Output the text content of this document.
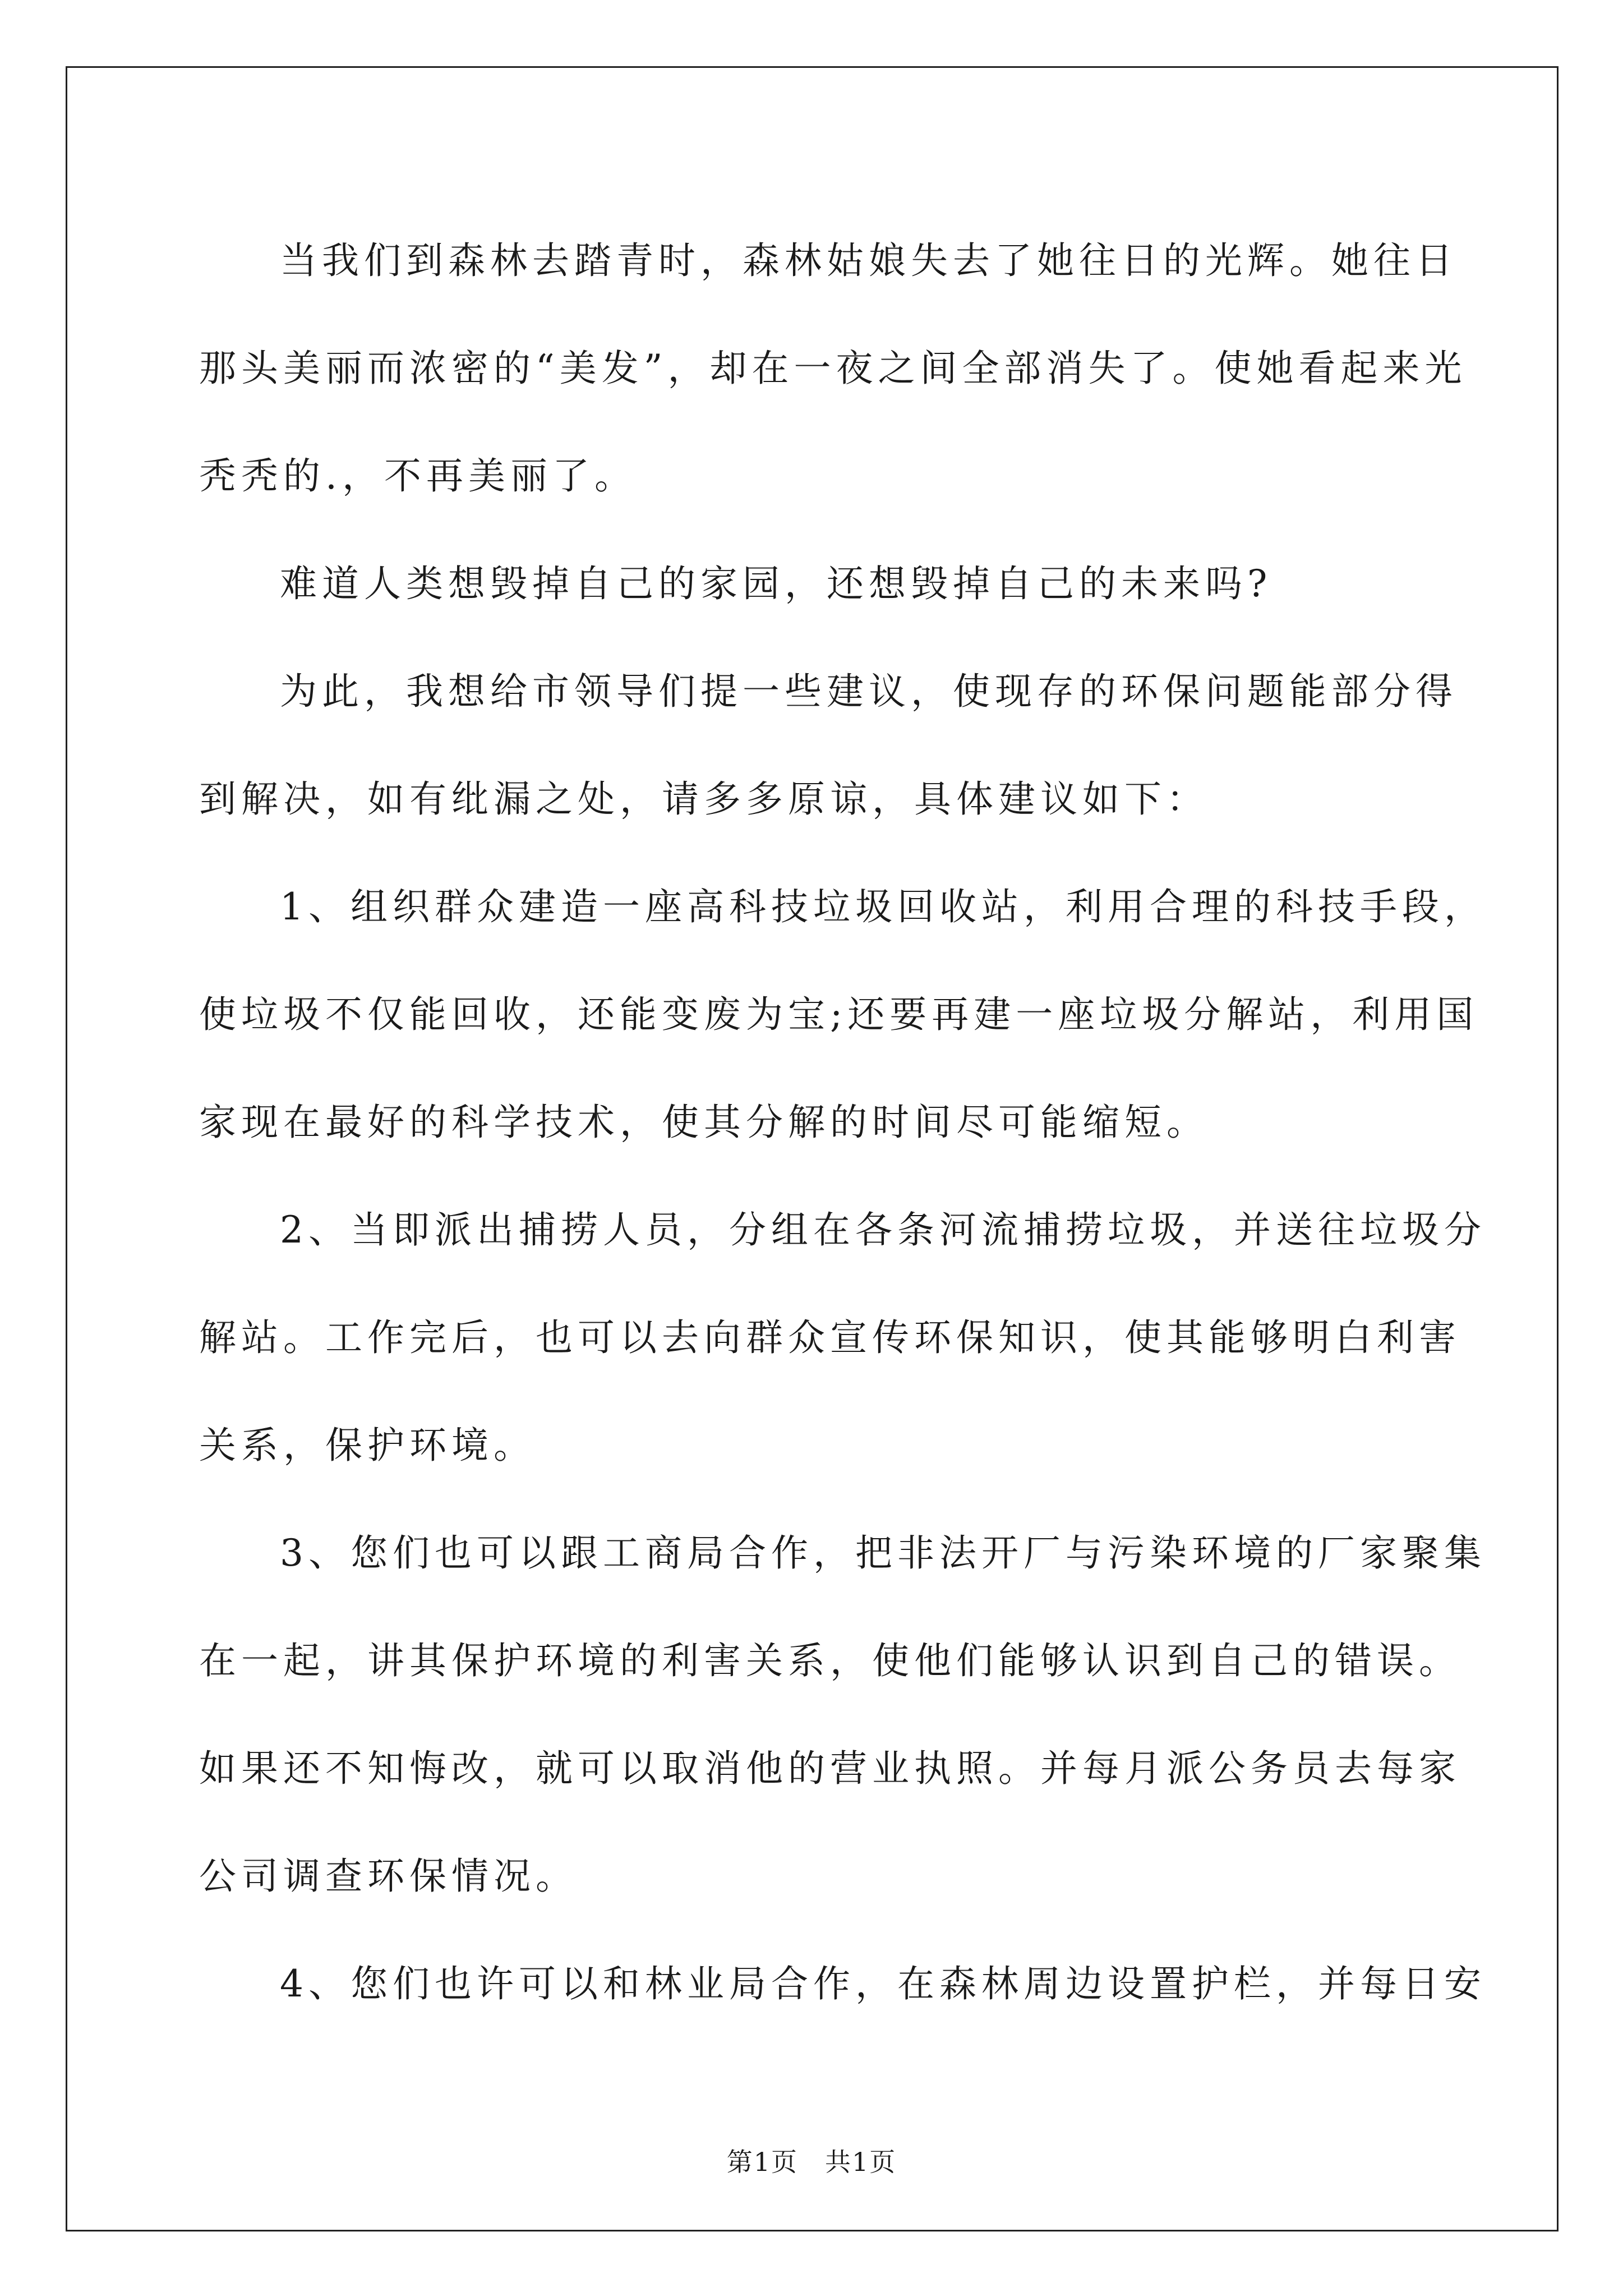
当我们到森林去踏青时，森林姑娘失去了她往日的光辉。她往日
那头美丽而浓密的“美发”，却在一夜之间全部消失了。使她看起来光
秃秃的.，不再美丽了。

难道人类想毁掉自己的家园，还想毁掉自己的未来吗?

为此，我想给市领导们提一些建议，使现存的环保问题能部分得
到解决，如有纰漏之处，请多多原谅，具体建议如下：

1、组织群众建造一座高科技垃圾回收站，利用合理的科技手段，
使垃圾不仅能回收，还能变废为宝;还要再建一座垃圾分解站，利用国
家现在最好的科学技术，使其分解的时间尽可能缩短。

2、当即派出捕捞人员，分组在各条河流捕捞垃圾，并送往垃圾分
解站。工作完后，也可以去向群众宣传环保知识，使其能够明白利害
关系，保护环境。

3、您们也可以跟工商局合作，把非法开厂与污染环境的厂家聚集
在一起，讲其保护环境的利害关系，使他们能够认识到自己的错误。
如果还不知悔改，就可以取消他的营业执照。并每月派公务员去每家
公司调查环保情况。

4、您们也许可以和林业局合作，在森林周边设置护栏，并每日安

第1页 共1页
